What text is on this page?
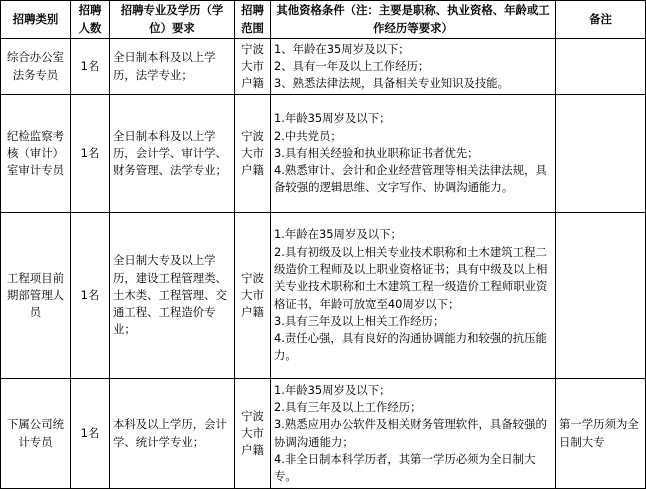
招聘类别	招聘人数	招聘专业及学历（学位）要求	招聘范围	其他资格条件（注：主要是职称、执业资格、年龄或工作经历等要求）	备注
综合办公室法务专员	1名	全日制本科及以上学历，法学专业；	宁波大市户籍	1、年龄在35周岁及以下；
2、具有一年及以上工作经历；
3、熟悉法律法规，具备相关专业知识及技能。	

纪检监察考核（审计）室审计专员	1名	全日制本科及以上学历，会计学、审计学、财务管理、法学专业；	宁波大市户籍	1.年龄35周岁及以下；
2.中共党员；
3.具有相关经验和执业职称证书者优先；
4.熟悉审计、会计和企业经营管理等相关法律法规，具备较强的逻辑思维、文字写作、协调沟通能力。	

工程项目前期部管理人员	1名	全日制大专及以上学历，建设工程管理类、土木类、工程管理、交通工程、工程造价专业；	宁波大市户籍	1.年龄在35周岁及以下；
2.具有初级及以上相关专业技术职称和土木建筑工程二级造价工程师及以上职业资格证书；具有中级及以上相关专业技术职称和土木建筑工程一级造价工程师职业资格证书，年龄可放宽至40周岁以下；
3.具有三年及以上相关工作经历；
4.责任心强，具有良好的沟通协调能力和较强的抗压能力。	

下属公司统计专员	1名	本科及以上学历，会计学、统计学专业；	宁波大市户籍	1.年龄35周岁及以下；
2.具有三年及以上工作经历；
3.熟悉应用办公软件及相关财务管理软件，具备较强的协调沟通能力；
4.非全日制本科学历者，其第一学历必须为全日制大专。	第一学历须为全日制大专
